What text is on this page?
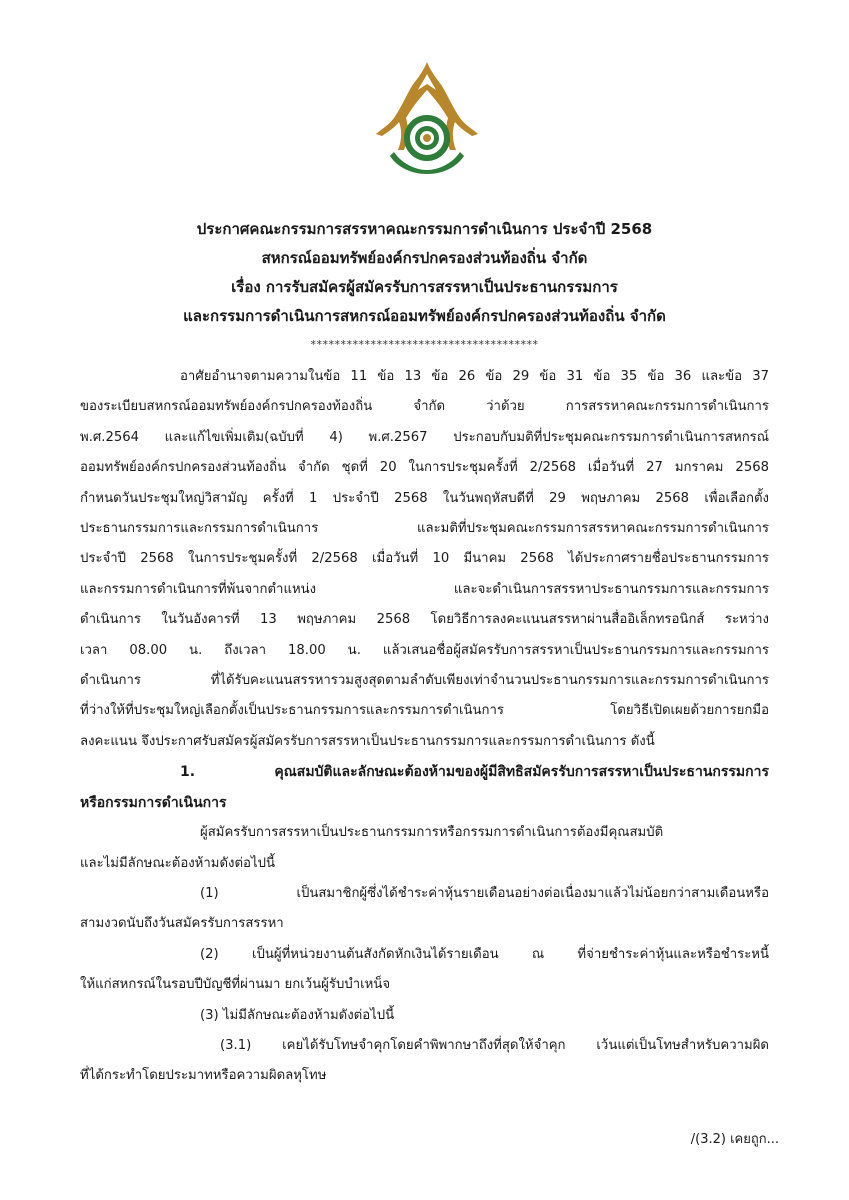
ประกาศคณะกรรมการสรรหาคณะกรรมการดำเนินการ ประจำปี 2568
สหกรณ์ออมทรัพย์องค์กรปกครองส่วนท้องถิ่น จำกัด
เรื่อง การรับสมัครผู้สมัครรับการสรรหาเป็นประธานกรรมการ
และกรรมการดำเนินการสหกรณ์ออมทรัพย์องค์กรปกครองส่วนท้องถิ่น จำกัด
**************************************
อาศัยอำนาจตามความในข้อ 11 ข้อ 13 ข้อ 26 ข้อ 29 ข้อ 31 ข้อ 35 ข้อ 36 และข้อ 37
ของระเบียบสหกรณ์ออมทรัพย์องค์กรปกครองท้องถิ่น จำกัด ว่าด้วย การสรรหาคณะกรรมการดำเนินการ
พ.ศ.2564 และแก้ไขเพิ่มเติม(ฉบับที่ 4) พ.ศ.2567 ประกอบกับมติที่ประชุมคณะกรรมการดำเนินการสหกรณ์
ออมทรัพย์องค์กรปกครองส่วนท้องถิ่น จำกัด ชุดที่ 20 ในการประชุมครั้งที่ 2/2568 เมื่อวันที่ 27 มกราคม 2568
กำหนดวันประชุมใหญ่วิสามัญ ครั้งที่ 1 ประจำปี 2568 ในวันพฤหัสบดีที่ 29 พฤษภาคม 2568 เพื่อเลือกตั้ง
ประธานกรรมการและกรรมการดำเนินการ และมติที่ประชุมคณะกรรมการสรรหาคณะกรรมการดำเนินการ
ประจำปี 2568 ในการประชุมครั้งที่ 2/2568 เมื่อวันที่ 10 มีนาคม 2568 ได้ประกาศรายชื่อประธานกรรมการ
และกรรมการดำเนินการที่พ้นจากตำแหน่ง และจะดำเนินการสรรหาประธานกรรมการและกรรมการ
ดำเนินการ ในวันอังคารที่ 13 พฤษภาคม 2568 โดยวิธีการลงคะแนนสรรหาผ่านสื่ออิเล็กทรอนิกส์ ระหว่าง
เวลา 08.00 น. ถึงเวลา 18.00 น. แล้วเสนอชื่อผู้สมัครรับการสรรหาเป็นประธานกรรมการและกรรมการ
ดำเนินการ ที่ได้รับคะแนนสรรหารวมสูงสุดตามลำดับเพียงเท่าจำนวนประธานกรรมการและกรรมการดำเนินการ
ที่ว่างให้ที่ประชุมใหญ่เลือกตั้งเป็นประธานกรรมการและกรรมการดำเนินการ โดยวิธีเปิดเผยด้วยการยกมือ
ลงคะแนน จึงประกาศรับสมัครผู้สมัครรับการสรรหาเป็นประธานกรรมการและกรรมการดำเนินการ ดังนี้
1. คุณสมบัติและลักษณะต้องห้ามของผู้มีสิทธิสมัครรับการสรรหาเป็นประธานกรรมการ
หรือกรรมการดำเนินการ
ผู้สมัครรับการสรรหาเป็นประธานกรรมการหรือกรรมการดำเนินการต้องมีคุณสมบัติ
และไม่มีลักษณะต้องห้ามดังต่อไปนี้
(1) เป็นสมาชิกผู้ซึ่งได้ชำระค่าหุ้นรายเดือนอย่างต่อเนื่องมาแล้วไม่น้อยกว่าสามเดือนหรือ
สามงวดนับถึงวันสมัครรับการสรรหา
(2) เป็นผู้ที่หน่วยงานต้นสังกัดหักเงินได้รายเดือน ณ ที่จ่ายชำระค่าหุ้นและหรือชำระหนี้
ให้แก่สหกรณ์ในรอบปีบัญชีที่ผ่านมา ยกเว้นผู้รับบำเหน็จ
(3) ไม่มีลักษณะต้องห้ามดังต่อไปนี้
(3.1) เคยได้รับโทษจำคุกโดยคำพิพากษาถึงที่สุดให้จำคุก เว้นแต่เป็นโทษสำหรับความผิด
ที่ได้กระทำโดยประมาทหรือความผิดลหุโทษ
/(3.2) เคยถูก...
